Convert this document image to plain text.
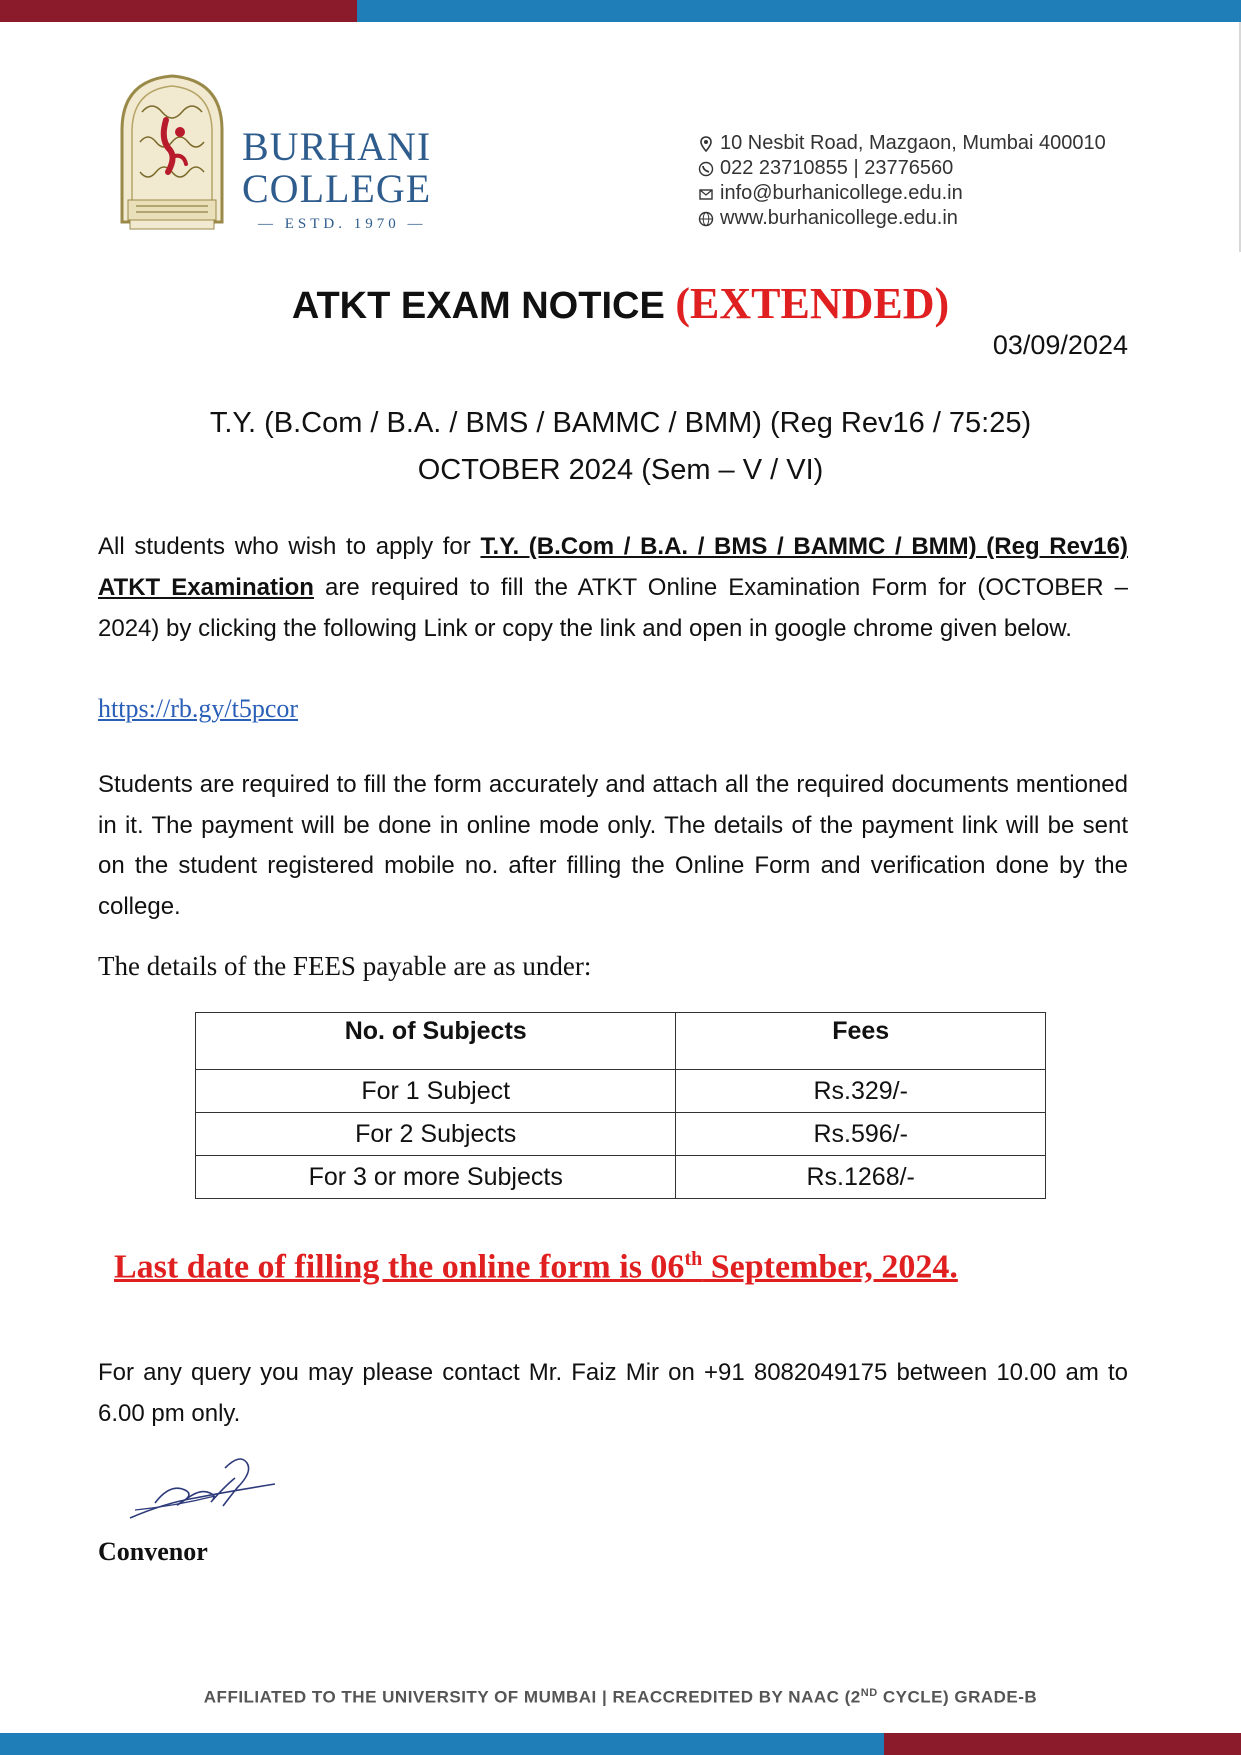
BURHANI
COLLEGE
— ESTD. 1970 —
10 Nesbit Road, Mazgaon, Mumbai 400010
022 23710855 | 23776560
info@burhanicollege.edu.in
www.burhanicollege.edu.in
ATKT EXAM NOTICE (EXTENDED)
03/09/2024
T.Y. (B.Com / B.A. / BMS / BAMMC / BMM) (Reg Rev16 / 75:25)
OCTOBER 2024 (Sem – V / VI)
All students who wish to apply for T.Y. (B.Com / B.A. / BMS / BAMMC / BMM) (Reg Rev16) ATKT Examination are required to fill the ATKT Online Examination Form for (OCTOBER – 2024) by clicking the following Link or copy the link and open in google chrome given below.
https://rb.gy/t5pcor
Students are required to fill the form accurately and attach all the required documents mentioned in it. The payment will be done in online mode only. The details of the payment link will be sent on the student registered mobile no. after filling the Online Form and verification done by the college.
The details of the FEES payable are as under:
No. of Subjects	Fees
For 1 Subject	Rs.329/-
For 2 Subjects	Rs.596/-
For 3 or more Subjects	Rs.1268/-
Last date of filling the online form is 06th September, 2024.
For any query you may please contact Mr. Faiz Mir on +91 8082049175 between 10.00 am to 6.00 pm only.
Convenor
AFFILIATED TO THE UNIVERSITY OF MUMBAI | REACCREDITED BY NAAC (2ND CYCLE) GRADE-B
